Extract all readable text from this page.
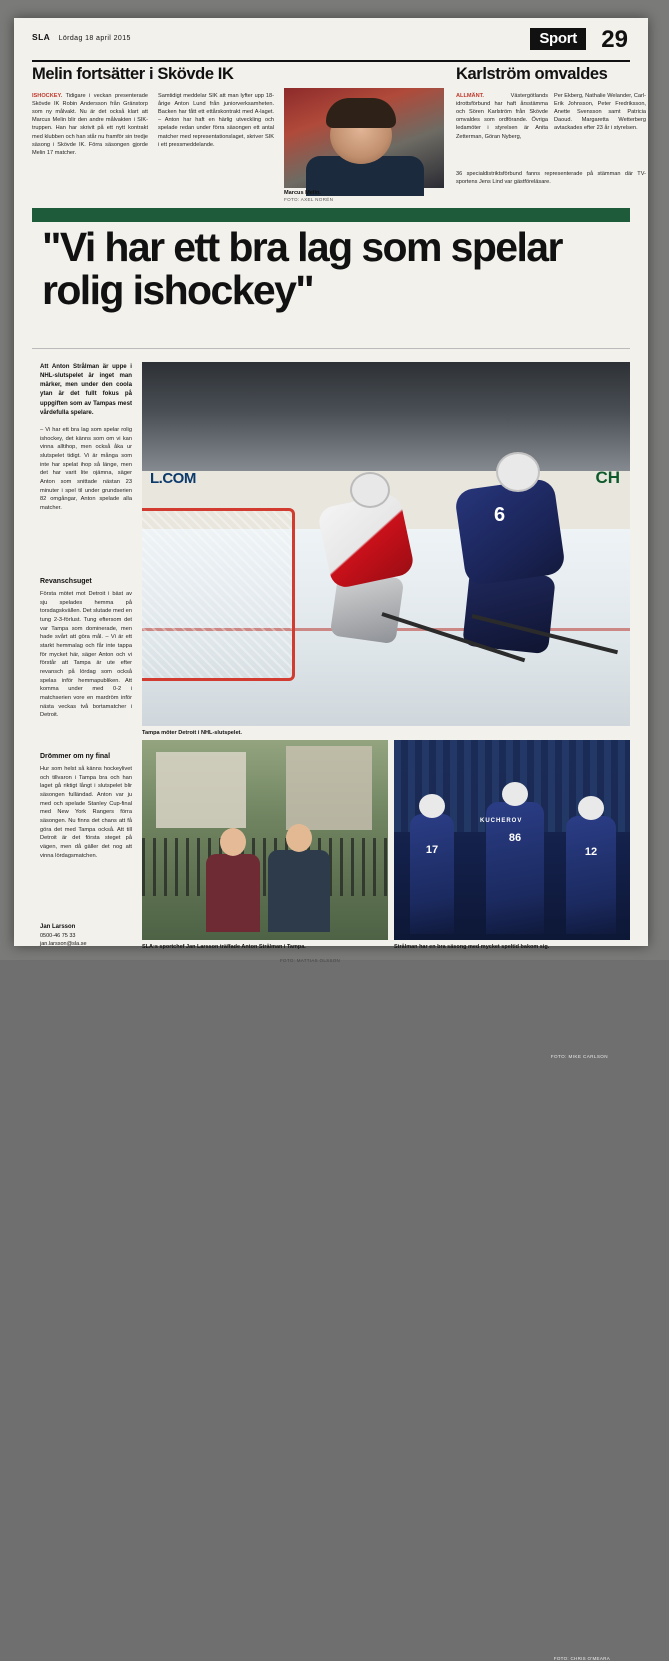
SLA Lördag 18 april 2015	Sport	29
Melin fortsätter i Skövde IK
ISHOCKEY. Tidigare i veckan presenterade Skövde IK Robin Andersson från Gränstorp som ny målvakt. Nu är det också klart att Marcus Melin blir den andre målvakten i SIK-truppen. Han har skrivit på ett nytt kontrakt med klubben och han står nu framför sin tredje säsong i Skövde IK. Förra säsongen gjorde Melin 17 matcher.
Samtidigt meddelar SIK att man lyfter upp 18-årige Anton Lund från juniorverksamheten. Backen har fått ett ettårskontrakt med A-laget. – Anton har haft en härlig utveckling och spelade redan under förra säsongen ett antal matcher med representationslaget, skriver SIK i ett pressmeddelande.
Marcus Melin.
FOTO: AXEL NORÉN
Karlström omvaldes
ALLMÄNT.	Västergötlands idrottsförbund har haft årsstämma och Sören Karlström från Skövde omvaldes som ordförande. Övriga ledamöter i styrelsen är Anita Zetterman, Göran Nyberg,
Per Ekberg, Nathalie Welander, Carl-Erik Johnsson, Peter Fredriksson, Anette Svensson samt Patricia Daoud. Margaretta Wetterberg avtackades efter 23 år i styrelsen.
36 specialdistriktsförbund fanns representerade på stämman där TV-sportens Jens Lind var gästföreläsare.
"Vi har ett bra lag som spelar rolig ishockey"
Att Anton Strålman är uppe i NHL-slutspelet är inget man märker, men under den coola ytan är det fullt fokus på uppgiften som av Tampas mest vårdefulla spelare.
– Vi har ett bra lag som spelar rolig ishockey, det känns som om vi kan vinna alltihop, men också åka ur slutspelet tidigt. Vi är många som inte har spelat ihop så länge, men det har varit lite ojämna, säger Anton som snittade nästan 23 minuter i spel til under grundserien 82 omgångar, Anton spelade alla matcher.
Revanschsuget
Första mötet mot Detroit i bäst av sju spelades hemma på torsdagskvällen. Det slutade med en tung 2-3-förlust. Tung eftersom det var Tampa som dominerade, men hade svårt att göra mål. – Vi är ett starkt hemmalag och får inte tappa för mycket här, säger Anton och vi förstår att Tampa är ute efter revansch på lördag som också spelas inför hemmapubliken. Att komma under med 0-2 i matchserien vore en mardröm inför nästa veckas två bortamatcher i Detroit.
Drömmer om ny final
Hur som helst så känns hockeylivet och tillvaron i Tampa bra och han laget gå riktigt långt i slutspelet blir säsongen fulländad. Anton var ju med och spelade Stanley Cup-final med New York Rangers förra säsongen. Nu finns det chans att få göra det med Tampa också. Att till Detroit är det första steget på vägen, men då gäller det nog att vinna lördagsmatchen.
Jan Larsson
0500-46 75 33
jan.larsson@sla.se
L.COM	CH
6
FOTO: MIKE CARLSON
Tampa möter Detroit i NHL-slutspelet.
SLA:s sportchef Jan Larsson träffade Anton Strålman i Tampa.
FOTO: MATTIAS OLSSON
17
86
12
KUCHEROV
FOTO: CHRIS O'MEARA
Strålman har en bra säsong med mycket speltid bakom sig.
